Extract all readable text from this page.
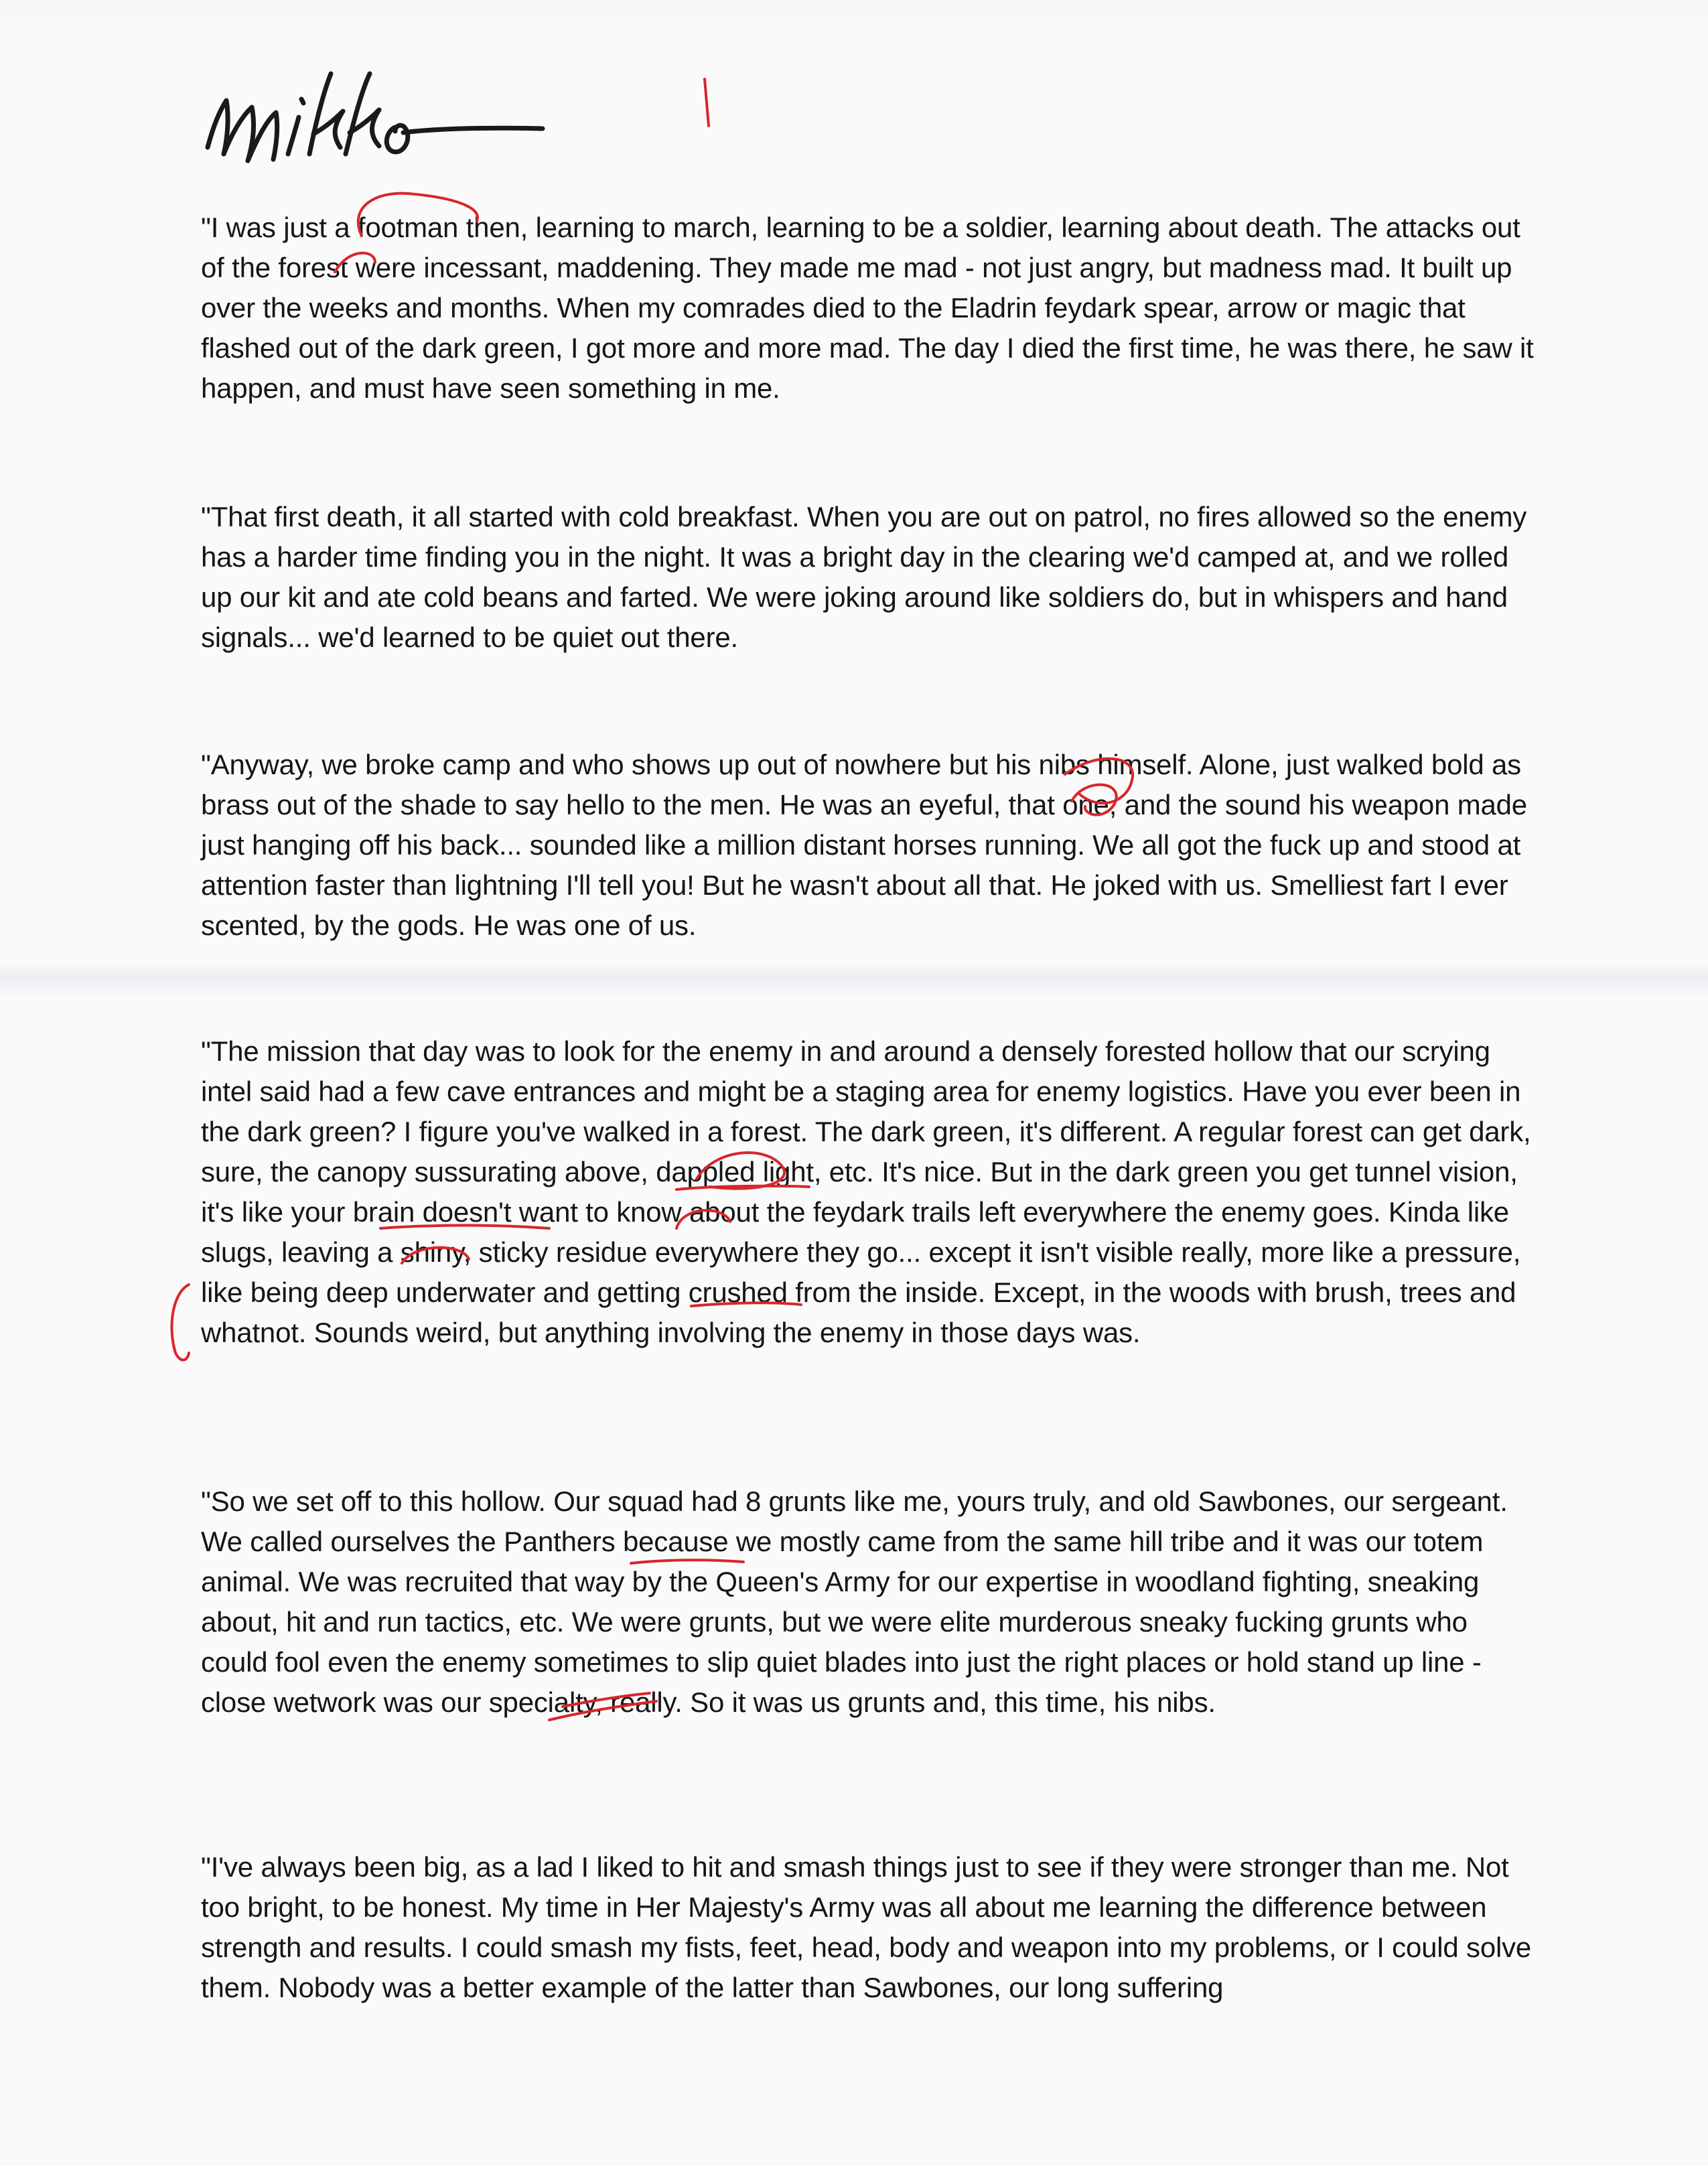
"I was just a footman then, learning to march, learning to be a soldier, learning about death. The attacks out of the forest were incessant, maddening. They made me mad - not just angry, but madness mad. It built up over the weeks and months. When my comrades died to the Eladrin feydark spear, arrow or magic that flashed out of the dark green, I got more and more mad. The day I died the first time, he was there, he saw it happen, and must have seen something in me.

"That first death, it all started with cold breakfast. When you are out on patrol, no fires allowed so the enemy has a harder time finding you in the night. It was a bright day in the clearing we'd camped at, and we rolled up our kit and ate cold beans and farted. We were joking around like soldiers do, but in whispers and hand signals... we'd learned to be quiet out there.

"Anyway, we broke camp and who shows up out of nowhere but his nibs himself. Alone, just walked bold as brass out of the shade to say hello to the men. He was an eyeful, that one, and the sound his weapon made just hanging off his back... sounded like a million distant horses running. We all got the fuck up and stood at attention faster than lightning I'll tell you! But he wasn't about all that. He joked with us. Smelliest fart I ever scented, by the gods. He was one of us.

"The mission that day was to look for the enemy in and around a densely forested hollow that our scrying intel said had a few cave entrances and might be a staging area for enemy logistics. Have you ever been in the dark green? I figure you've walked in a forest. The dark green, it's different. A regular forest can get dark, sure, the canopy sussurating above, dappled light, etc. It's nice. But in the dark green you get tunnel vision, it's like your brain doesn't want to know about the feydark trails left everywhere the enemy goes. Kinda like slugs, leaving a shiny, sticky residue everywhere they go... except it isn't visible really, more like a pressure, like being deep underwater and getting crushed from the inside. Except, in the woods with brush, trees and whatnot. Sounds weird, but anything involving the enemy in those days was.

"So we set off to this hollow. Our squad had 8 grunts like me, yours truly, and old Sawbones, our sergeant. We called ourselves the Panthers because we mostly came from the same hill tribe and it was our totem animal. We was recruited that way by the Queen's Army for our expertise in woodland fighting, sneaking about, hit and run tactics, etc. We were grunts, but we were elite murderous sneaky fucking grunts who could fool even the enemy sometimes to slip quiet blades into just the right places or hold stand up line - close wetwork was our specialty, really. So it was us grunts and, this time, his nibs.

"I've always been big, as a lad I liked to hit and smash things just to see if they were stronger than me. Not too bright, to be honest. My time in Her Majesty's Army was all about me learning the difference between strength and results. I could smash my fists, feet, head, body and weapon into my problems, or I could solve them. Nobody was a better example of the latter than Sawbones, our long suffering
